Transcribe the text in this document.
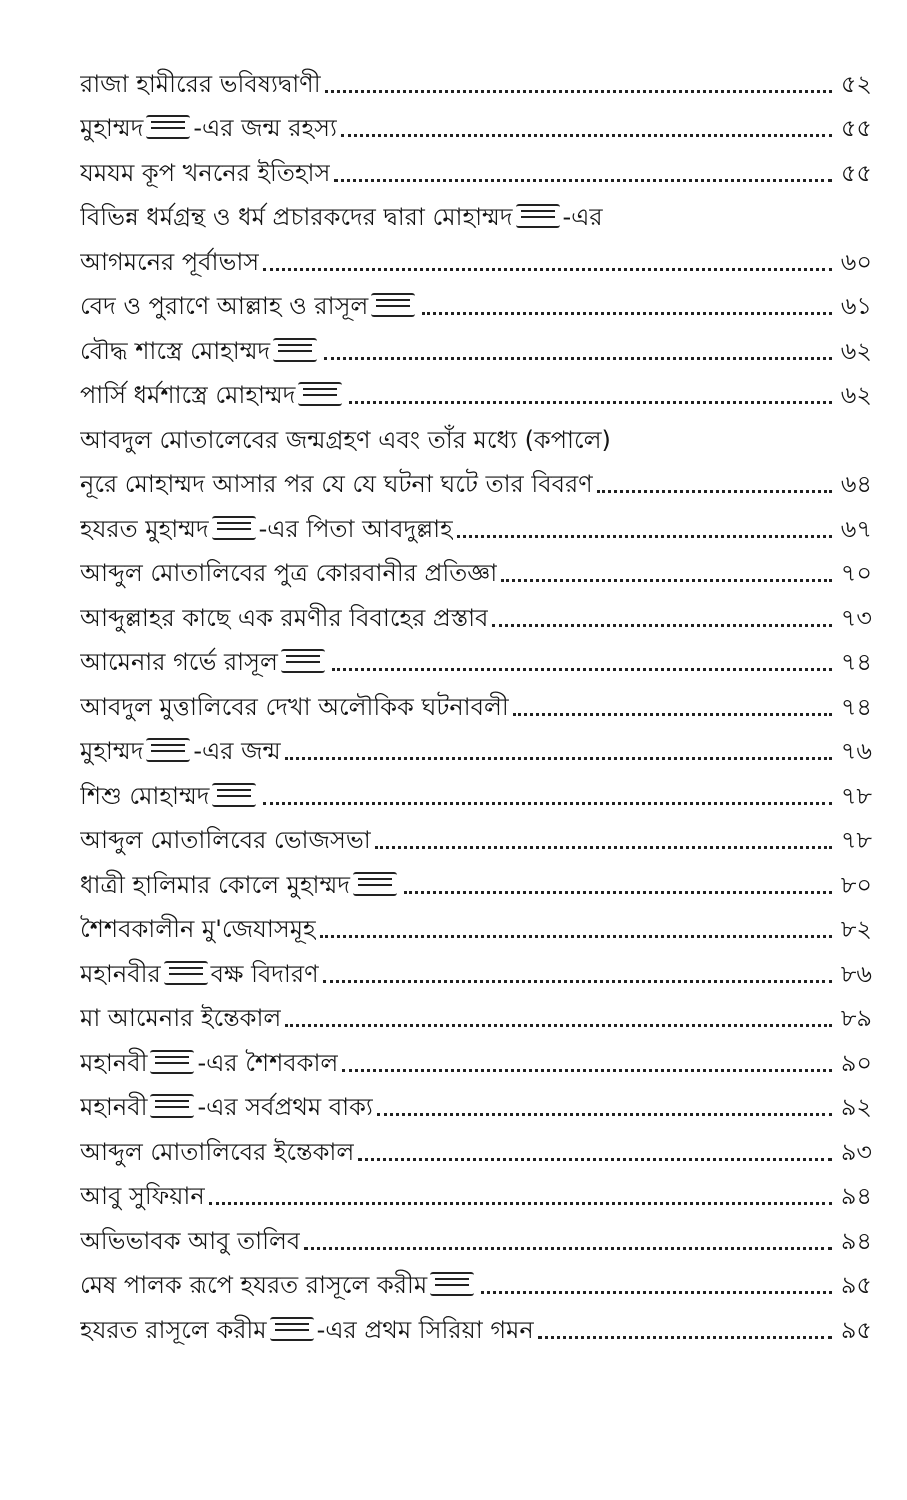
রাজা হামীরের ভবিষ্যদ্বাণী	৫২
মুহাম্মদ -এর জন্ম রহস্য	৫৫
যমযম কূপ খননের ইতিহাস	৫৫
বিভিন্ন ধর্মগ্রন্থ ও ধর্ম প্রচারকদের দ্বারা মোহাম্মদ -এর
আগমনের পূর্বাভাস	৬০
বেদ ও পুরাণে আল্লাহ ও রাসূল	৬১
বৌদ্ধ শাস্ত্রে মোহাম্মদ	৬২
পার্সি ধর্মশাস্ত্রে মোহাম্মদ	৬২
আবদুল মোতালেবের জন্মগ্রহণ এবং তাঁর মধ্যে (কপালে)
নূরে মোহাম্মদ আসার পর যে যে ঘটনা ঘটে তার বিবরণ	৬৪
হযরত মুহাম্মদ -এর পিতা আবদুল্লাহ	৬৭
আব্দুল মোতালিবের পুত্র কোরবানীর প্রতিজ্ঞা	৭০
আব্দুল্লাহর কাছে এক রমণীর বিবাহের প্রস্তাব	৭৩
আমেনার গর্ভে রাসূল	৭৪
আবদুল মুত্তালিবের দেখা অলৌকিক ঘটনাবলী	৭৪
মুহাম্মদ -এর জন্ম	৭৬
শিশু মোহাম্মদ	৭৮
আব্দুল মোতালিবের ভোজসভা	৭৮
ধাত্রী হালিমার কোলে মুহাম্মদ	৮০
শৈশবকালীন মু'জেযাসমূহ	৮২
মহানবীর বক্ষ বিদারণ	৮৬
মা আমেনার ইন্তেকাল	৮৯
মহানবী -এর শৈশবকাল	৯০
মহানবী -এর সর্বপ্রথম বাক্য	৯২
আব্দুল মোতালিবের ইন্তেকাল	৯৩
আবু সুফিয়ান	৯৪
অভিভাবক আবু তালিব	৯৪
মেষ পালক রূপে হযরত রাসূলে করীম	৯৫
হযরত রাসূলে করীম -এর প্রথম সিরিয়া গমন	৯৫
